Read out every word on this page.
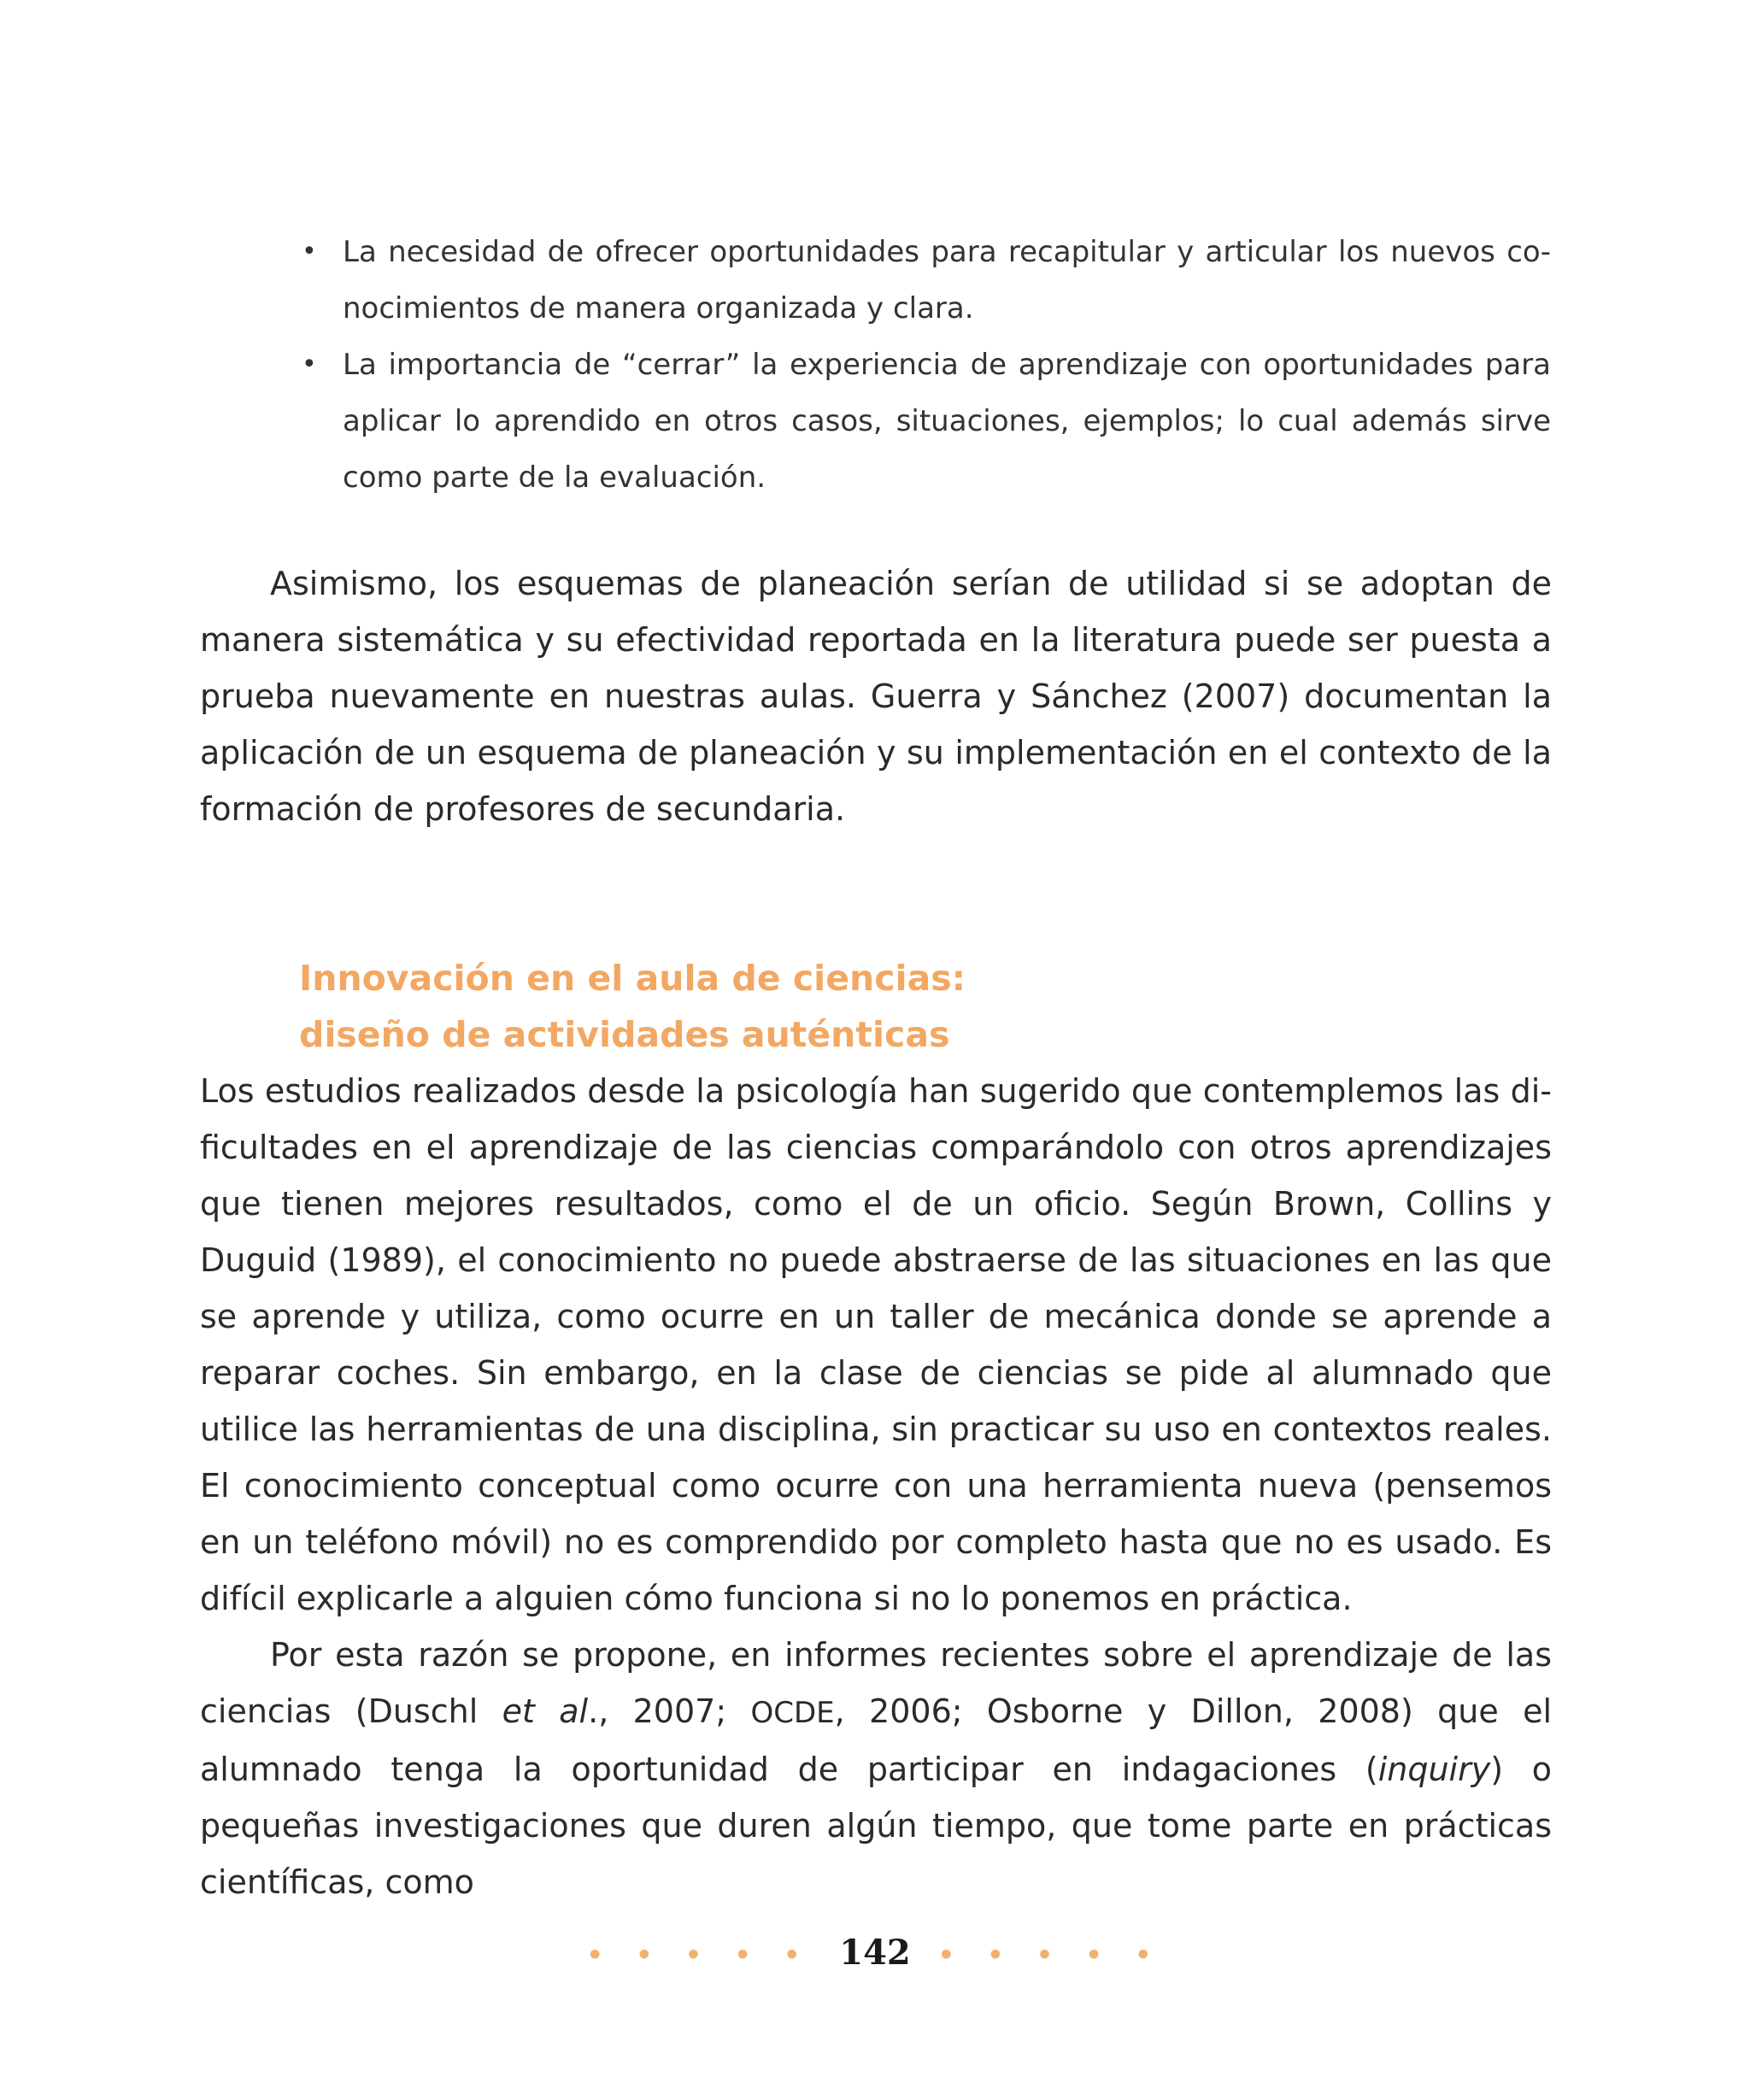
• La necesidad de ofrecer oportunidades para recapitular y articular los nuevos conocimientos de manera organizada y clara.
• La importancia de “cerrar” la experiencia de aprendizaje con oportunidades para aplicar lo aprendido en otros casos, situaciones, ejemplos; lo cual además sirve como parte de la evaluación.

Asimismo, los esquemas de planeación serían de utilidad si se adoptan de manera sistemática y su efectividad reportada en la literatura puede ser puesta a prueba nuevamente en nuestras aulas. Guerra y Sánchez (2007) documentan la aplicación de un esquema de planeación y su implementación en el contexto de la formación de profesores de secundaria.

Innovación en el aula de ciencias:
diseño de actividades auténticas

Los estudios realizados desde la psicología han sugerido que contemplemos las dificultades en el aprendizaje de las ciencias comparándolo con otros aprendizajes que tienen mejores resultados, como el de un oficio. Según Brown, Collins y Duguid (1989), el conocimiento no puede abstraerse de las situaciones en las que se aprende y utiliza, como ocurre en un taller de mecánica donde se aprende a reparar coches. Sin embargo, en la clase de ciencias se pide al alumnado que utilice las herramientas de una disciplina, sin practicar su uso en contextos reales. El conocimiento conceptual como ocurre con una herramienta nueva (pensemos en un teléfono móvil) no es comprendido por completo hasta que no es usado. Es difícil explicarle a alguien cómo funciona si no lo ponemos en práctica.

Por esta razón se propone, en informes recientes sobre el aprendizaje de las ciencias (Duschl et al., 2007; OCDE, 2006; Osborne y Dillon, 2008) que el alumnado tenga la oportunidad de participar en indagaciones (inquiry) o pequeñas investigaciones que duren algún tiempo, que tome parte en prácticas científicas, como

• • • • • 142 • • • • •
